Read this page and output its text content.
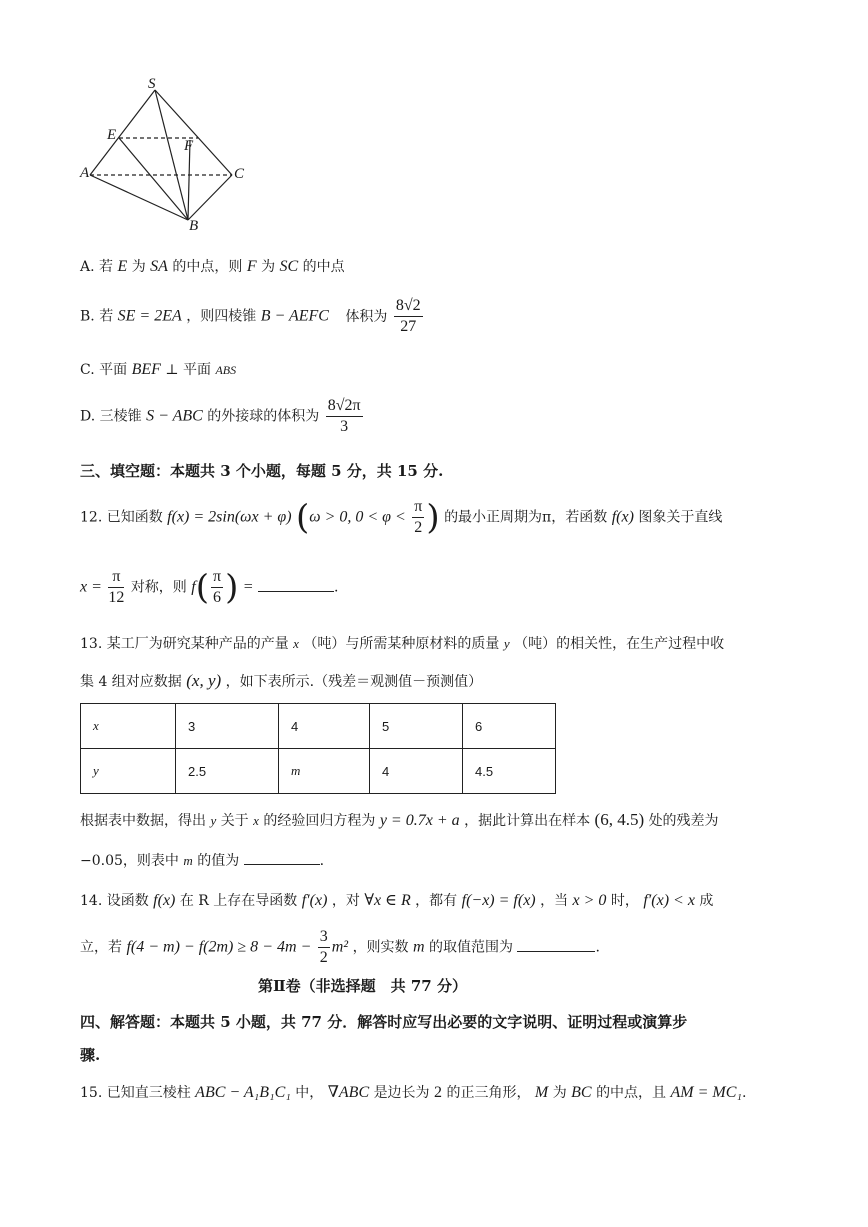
S
E
F
A	C
B
A. 若 E 为 SA 的中点，则 F 为 SC 的中点
B. 若 SE = 2EA ，则四棱锥 B − AEFC 体积为 $\frac{8√2}{27}$
C. 平面 BEF ⊥ 平面 ABS
D. 三棱锥 S − ABC 的外接球的体积为 $\frac{8√2\pi}{3}$
三、填空题：本题共 3 个小题，每题 5 分，共 15 分.
12. 已知函数 f(x) = 2sin(ωx + φ) (ω > 0, $0 < \varphi < \frac{\pi}{2}$ ) 的最小正周期为π，若函数 f(x) 图象关于直线
$x = \frac{\pi}{12}$ 对称，则 $f( \frac{\pi}{6}$ ) =	.
13. 某工厂为研究某种产品的产量 x （吨）与所需某种原材料的质量 y （吨）的相关性，在生产过程中收
集 4 组对应数据 (x, y) ，如下表所示.（残差＝观测值－预测值）
x	3	4	5	6
y	2.5	m	4	4.5
根据表中数据，得出 y 关于 x 的经验回归方程为 y = 0.7x + a ，据此计算出在样本 (6, 4.5) 处的残差为
−0.05，则表中 m 的值为	.
14. 设函数 f(x) 在 R 上存在导函数 f′(x) ，对 ∀x ∈ R ，都有 f(−x) = f(x) ，当 x > 0 时， f′(x) < x 成
立，若 $f(4 - m) - f(2m) \ge 8 - 4m - \frac{3}{2} m^2$ ，则实数 m 的取值范围为	.
第Ⅱ卷（非选择题　共 77 分）
四、解答题：本题共 5 小题，共 77 分．解答时应写出必要的文字说明、证明过程或演算步
骤.
15. 已知直三棱柱 ABC − A₁B₁C₁ 中， ∇ABC 是边长为 2 的正三角形， M 为 BC 的中点，且 AM = MC₁.
